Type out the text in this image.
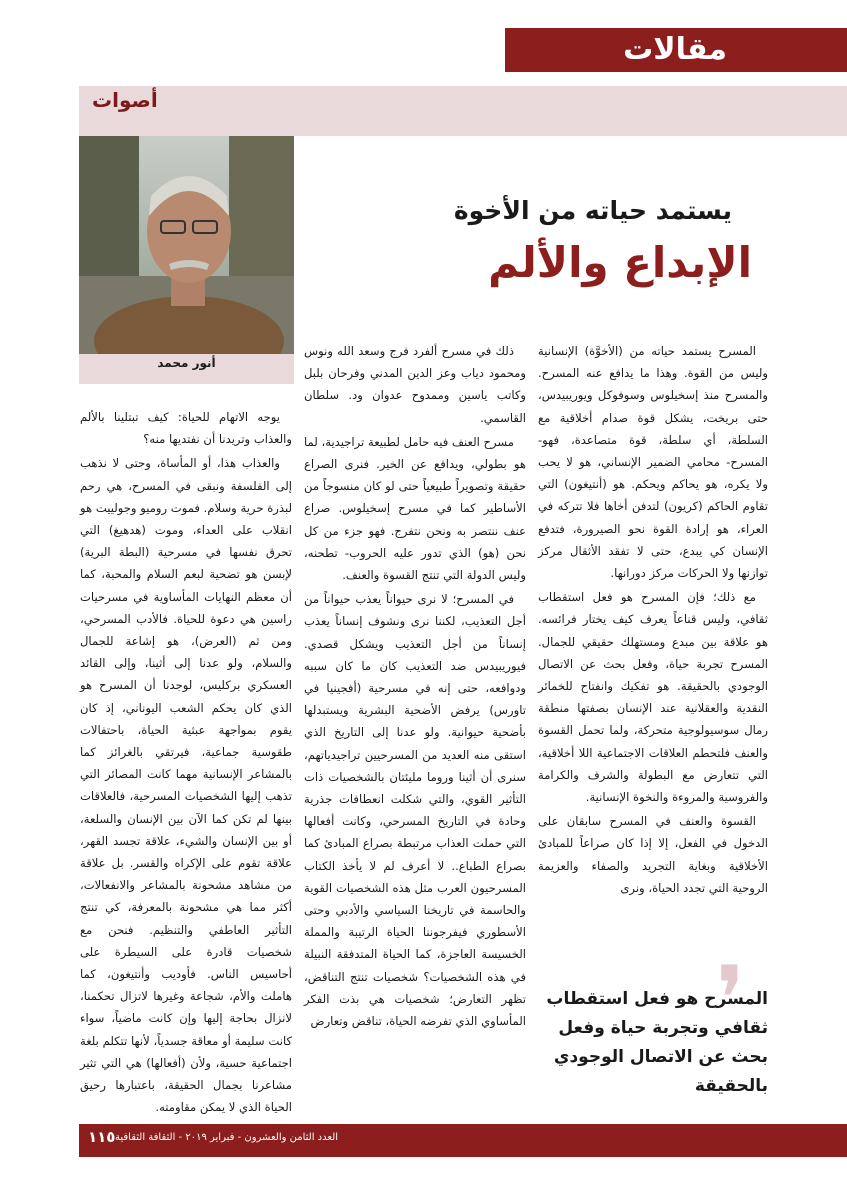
مقالات
أصوات
أنور محمد
يستمد حياته من الأخوة
الإبداع والألم

المسرح يستمد حياته من (الأخوَّة) الإنسانية وليس من القوة. وهذا ما يدافع عنه المسرح. والمسرح منذ إسخيلوس وسوفوكل ويوريبيدس، حتى بريخت، يشكل قوة صدام أخلاقية مع السلطة، أي سلطة، قوة متصاعدة، فهو- المسرح- محامي الضمير الإنساني، هو لا يحب ولا يكره، هو يحاكم ويحكم. هو (أنتيغون) التي تقاوم الحاكم (كريون) لتدفن أخاها فلا تتركه في العراء، هو إرادة القوة نحو الصيرورة، فتدفع الإنسان كي يبدع، حتى لا تفقد الأثقال مركز توازنها ولا الحركات مركز دورانها.

مع ذلك؛ فإن المسرح هو فعل استقطاب ثقافي، وليس قناعاً يعرف كيف يختار فرائسه. هو علاقة بين مبدع ومستهلك حقيقي للجمال. المسرح تجربة حياة، وفعل بحث عن الاتصال الوجودي بالحقيقة. هو تفكيك وانفتاح للخمائر النقدية والعقلانية عند الإنسان بصفتها منطقة رمال سوسيولوجية متحركة، ولما تحمل القسوة والعنف فلتحطم العلاقات الاجتماعية اللا أخلاقية، التي تتعارض مع البطولة والشرف والكرامة والفروسية والمروءة والنخوة الإنسانية.

القسوة والعنف في المسرح سابقان على الدخول في الفعل، إلا إذا كان صراعاً للمبادئ الأخلاقية وبغاية التجريد والصفاء والعزيمة الروحية التي تجدد الحياة، ونرى

ذلك في مسرح ألفرد فرج وسعد الله ونوس ومحمود دياب وعز الدين المدني وفرحان بلبل وكاتب ياسين وممدوح عدوان ود. سلطان القاسمي.

مسرح العنف فيه حامل لطبيعة تراجيدية، لما هو بطولي، ويدافع عن الخير. فنرى الصراع حقيقة وتصويراً طبيعياً حتى لو كان منسوجاً من الأساطير كما في مسرح إسخيلوس. صراع عنف ننتصر به ونحن نتفرج. فهو جزء من كل نحن (هو) الذي تدور عليه الحروب- تطحنه، وليس الدولة التي تنتج القسوة والعنف.

في المسرح؛ لا نرى حيواناً يعذب حيواناً من أجل التعذيب، لكننا نرى ونشوف إنساناً يعذب إنساناً من أجل التعذيب ويشكل قصدي. فيوريبيدس ضد التعذيب كان ما كان سببه ودوافعه، حتى إنه في مسرحية (أفجينيا في تاورس) يرفض الأضحية البشرية ويستبدلها بأضحية حيوانية. ولو عدنا إلى التاريخ الذي استقى منه العديد من المسرحيين تراجيدياتهم، سنرى أن أثينا وروما مليئتان بالشخصيات ذات التأثير القوي، والتي شكلت انعطافات جذرية وحادة في التاريخ المسرحي، وكانت أفعالها التي حملت العذاب مرتبطة بصراع المبادئ كما بصراع الطباع.. لا أعرف لم لا يأخذ الكتاب المسرحيون العرب مثل هذه الشخصيات القوية والحاسمة في تاريخنا السياسي والأدبي وحتى الأسطوري فيفرجوننا الحياة الرتيبة والمملة الخسيسة العاجزة، كما الحياة المتدفقة النبيلة في هذه الشخصيات؟ شخصيات تنتج التناقض، تظهر التعارض؛ شخصيات هي بذت الفكر المأساوي الذي تفرضه الحياة، تناقض وتعارض

يوجه الاتهام للحياة: كيف تبتلينا بالألم والعذاب وتريدنا أن نفتديها منه؟

والعذاب هذا، أو المأساة، وحتى لا نذهب إلى الفلسفة ونبقى في المسرح، هي رحم لبذرة حرية وسلام. فموت روميو وجولييت هو انقلاب على العداء، وموت (هدهيغ) التي تحرق نفسها في مسرحية (البطة البرية) لإبسن هو تضحية لبعم السلام والمحبة، كما أن معظم النهايات المأساوية في مسرحيات راسين هي دعوة للحياة. فالأدب المسرحي، ومن ثم (العرض)، هو إشاعة للجمال والسلام، ولو عدنا إلى أثينا، وإلى القائد العسكري بركليس، لوجدنا أن المسرح هو الذي كان يحكم الشعب اليوناني، إذ كان يقوم بمواجهة عبثية الحياة، باحتفالات طقوسية جماعية، فيرتقي بالغرائز كما بالمشاعر الإنسانية مهما كانت المصائر التي تذهب إليها الشخصيات المسرحية، فالعلاقات بينها لم تكن كما الآن بين الإنسان والسلعة، أو بين الإنسان والشيء، علاقة تجسد القهر، علاقة تقوم على الإكراه والقسر. بل علاقة من مشاهد مشحونة بالمشاعر والانفعالات، أكثر مما هي مشحونة بالمعرفة، كي تنتج التأثير العاطفي والتنظيم. فنحن مع شخصيات قادرة على السيطرة على أحاسيس الناس. فأوديب وأنتيغون، كما هاملت والأم، شجاعة وغيرها لاتزال تحكمنا، لانزال بحاجة إليها وإن كانت ماضياً، سواء كانت سليمة أو معاقة جسدياً، لأنها تتكلم بلغة اجتماعية حسية، ولأن (أفعالها) هي التي تثير مشاعرنا بجمال الحقيقة، باعتبارها رحيق الحياة الذي لا يمكن مقاومته.

❜
المسرح هو فعل استقطاب ثقافي وتجربة حياة وفعل بحث عن الاتصال الوجودي بالحقيقة
١١٥ العدد الثامن والعشرون - فبراير ٢٠١٩ - الثقافة الثقافية
